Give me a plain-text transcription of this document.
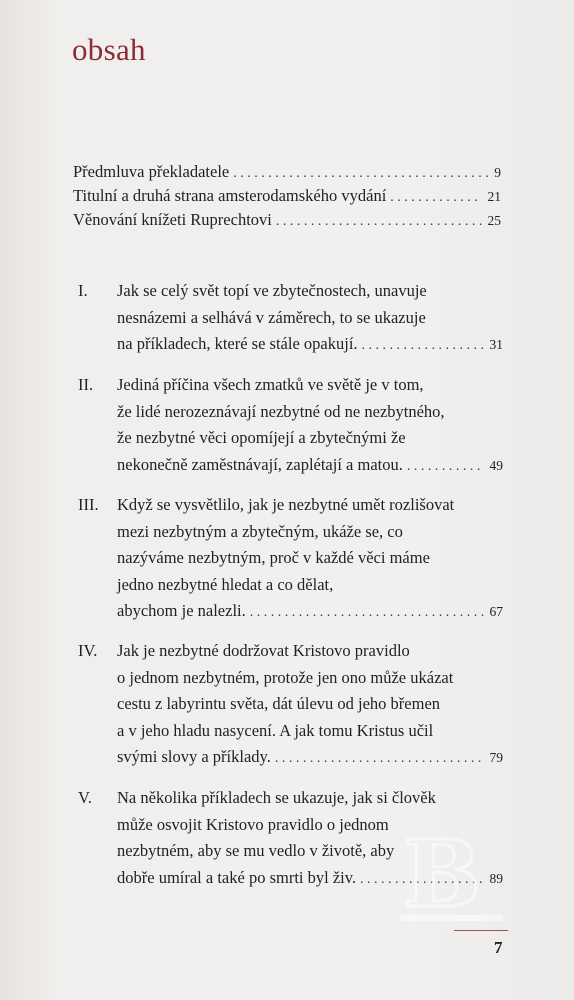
obsah
Předmluva překladatele . . .	9
Titulní a druhá strana amsterodamského vydání . . .	21
Věnování knížeti Ruprechtovi . . .	25
I.	Jak se celý svět topí ve zbytečnostech, unavuje
nesnázemi a selhává v záměrech, to se ukazuje
na příkladech, které se stále opakují. . . .	31
II.	Jediná příčina všech zmatků ve světě je v tom,
že lidé nerozeznávají nezbytné od ne nezbytného,
že nezbytné věci opomíjejí a zbytečnými že
nekonečně zaměstnávají, zaplétají a matou. . . .	49
III.	Když se vysvětlilo, jak je nezbytné umět rozlišovat
mezi nezbytným a zbytečným, ukáže se, co
nazýváme nezbytným, proč v každé věci máme
jedno nezbytné hledat a co dělat,
abychom je nalezli. . . .	67
IV.	Jak je nezbytné dodržovat Kristovo pravidlo
o jednom nezbytném, protože jen ono může ukázat
cestu z labyrintu světa, dát úlevu od jeho břemen
a v jeho hladu nasycení. A jak tomu Kristus učil
svými slovy a příklady. . . .	79
V.	Na několika příkladech se ukazuje, jak si člověk
může osvojit Kristovo pravidlo o jednom
nezbytném, aby se mu vedlo v životě, aby
dobře umíral a také po smrti byl živ. . . .	89
B
7
